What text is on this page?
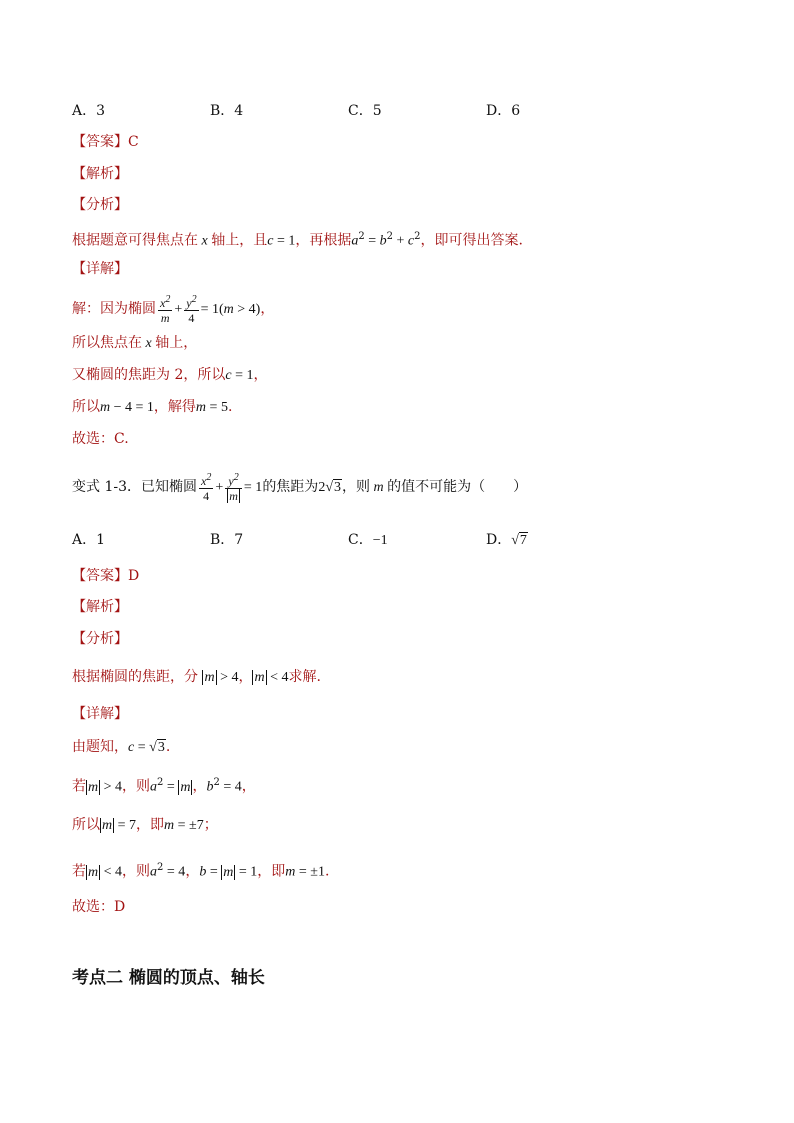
A．3	B．4	C．5	D．6
【答案】C
【解析】
【分析】
根据题意可得焦点在 x 轴上，且c = 1，再根据$a^2 = b^2 + c^2$，即可得出答案.
【详解】
解：因为椭圆 $\frac{x^2}{m} + \frac{y^2}{4} = 1(m > 4)$，
所以焦点在 x 轴上，
又椭圆的焦距为 2，所以c = 1，
所以m − 4 = 1，解得m = 5.
故选：C.
变式 1-3．已知椭圆 $\frac{x^2}{4} + \frac{y^2}{m} = 1$的焦距为2√3，则 m 的值不可能为（　　）
A．1	B．7	C．−1	D．√7
【答案】D
【解析】
【分析】
根据椭圆的焦距，分 m > 4， m < 4求解.
【详解】
由题知，c = √3.
若 m > 4，则$a^2 = m$ ，$b^2 = 4$，
所以 m = 7，即m = ±7；
若 m < 4，则$a^2 = 4$，b = m = 1，即m = ±1.
故选：D
考点二 椭圆的顶点、轴长
